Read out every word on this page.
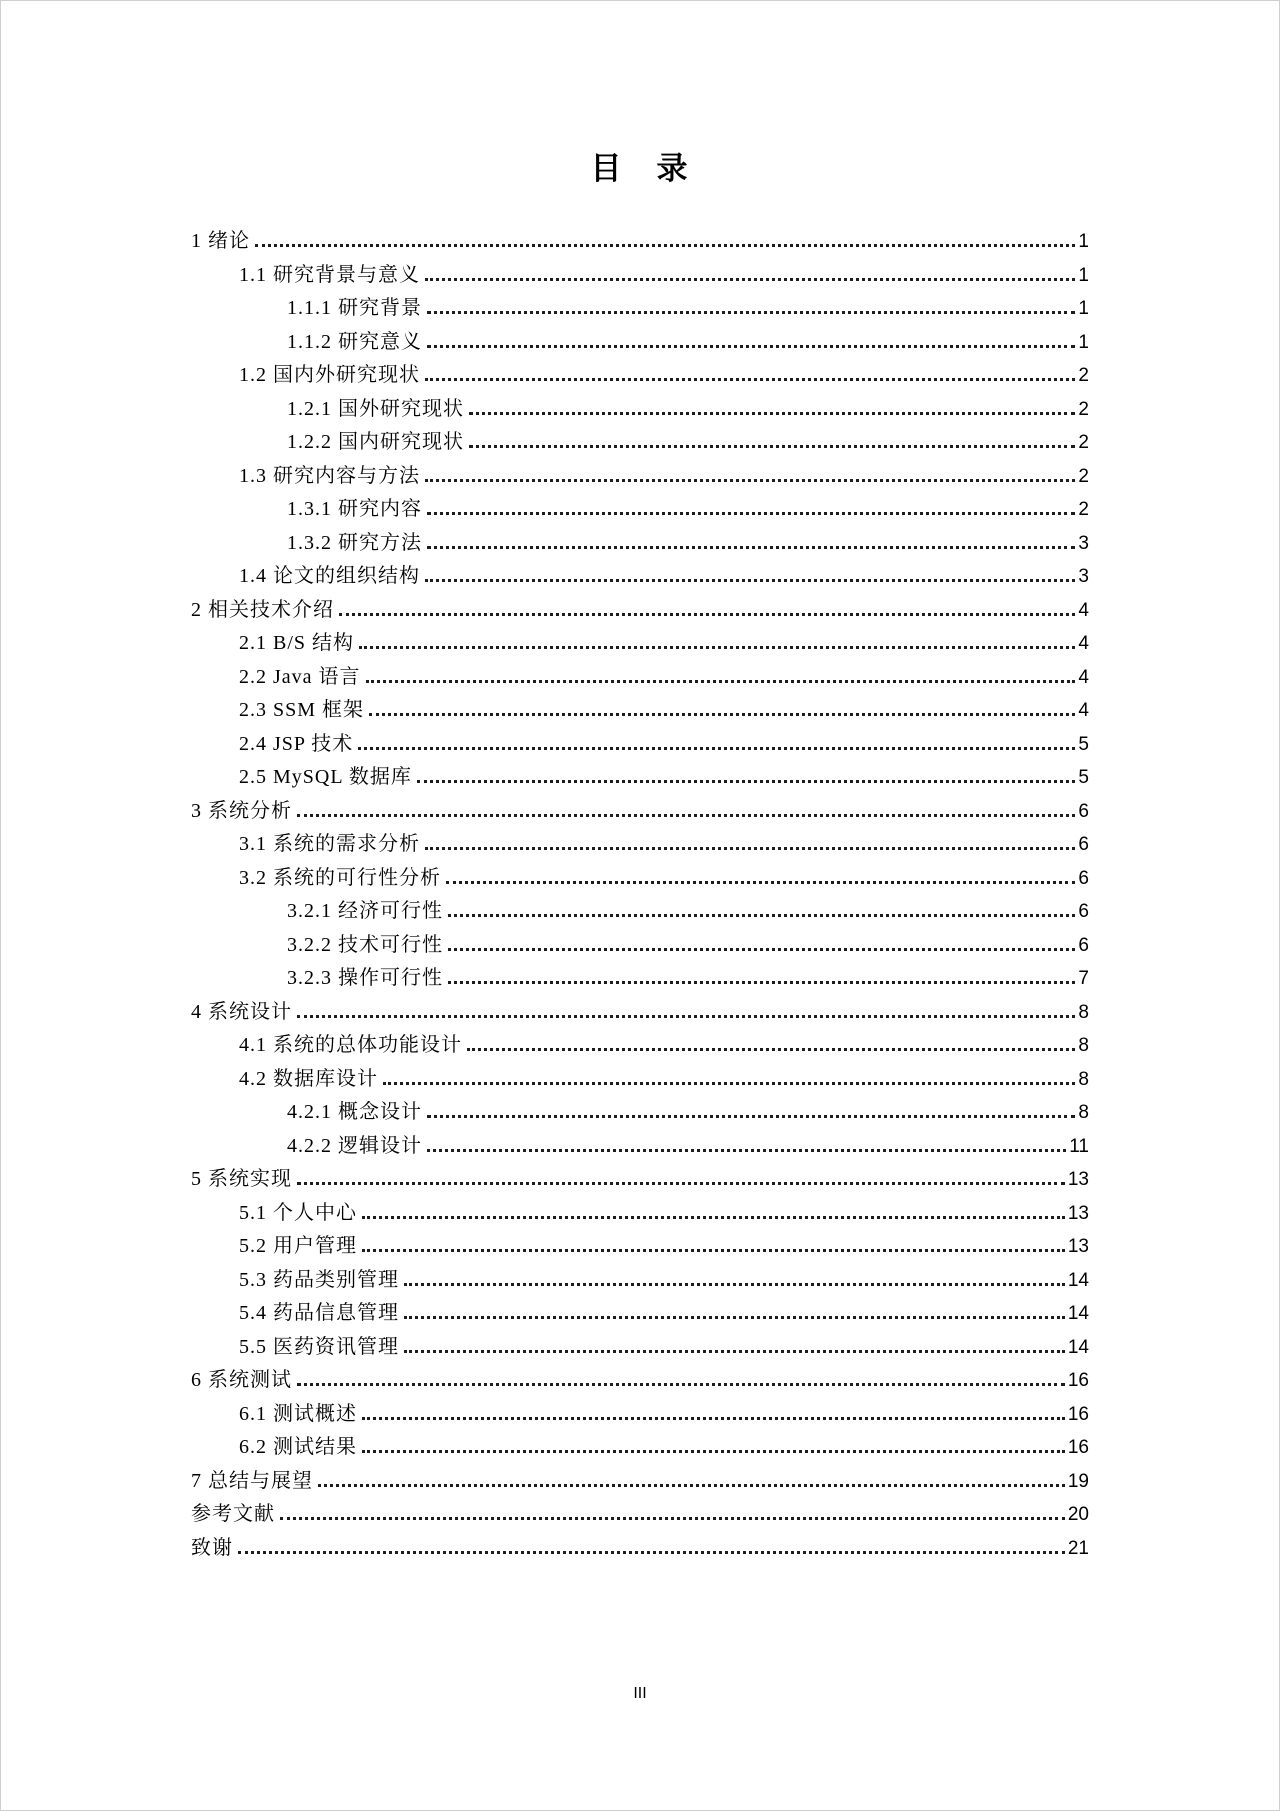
目　录
1 绪论	1
1.1 研究背景与意义	1
1.1.1 研究背景	1
1.1.2 研究意义	1
1.2 国内外研究现状	2
1.2.1 国外研究现状	2
1.2.2 国内研究现状	2
1.3 研究内容与方法	2
1.3.1 研究内容	2
1.3.2 研究方法	3
1.4 论文的组织结构	3
2 相关技术介绍	4
2.1 B/S 结构	4
2.2 Java 语言	4
2.3 SSM 框架	4
2.4 JSP 技术	5
2.5 MySQL 数据库	5
3 系统分析	6
3.1 系统的需求分析	6
3.2 系统的可行性分析	6
3.2.1 经济可行性	6
3.2.2 技术可行性	6
3.2.3 操作可行性	7
4 系统设计	8
4.1 系统的总体功能设计	8
4.2 数据库设计	8
4.2.1 概念设计	8
4.2.2 逻辑设计	11
5 系统实现	13
5.1 个人中心	13
5.2 用户管理	13
5.3 药品类别管理	14
5.4 药品信息管理	14
5.5 医药资讯管理	14
6 系统测试	16
6.1 测试概述	16
6.2 测试结果	16
7 总结与展望	19
参考文献	20
致谢	21
III
